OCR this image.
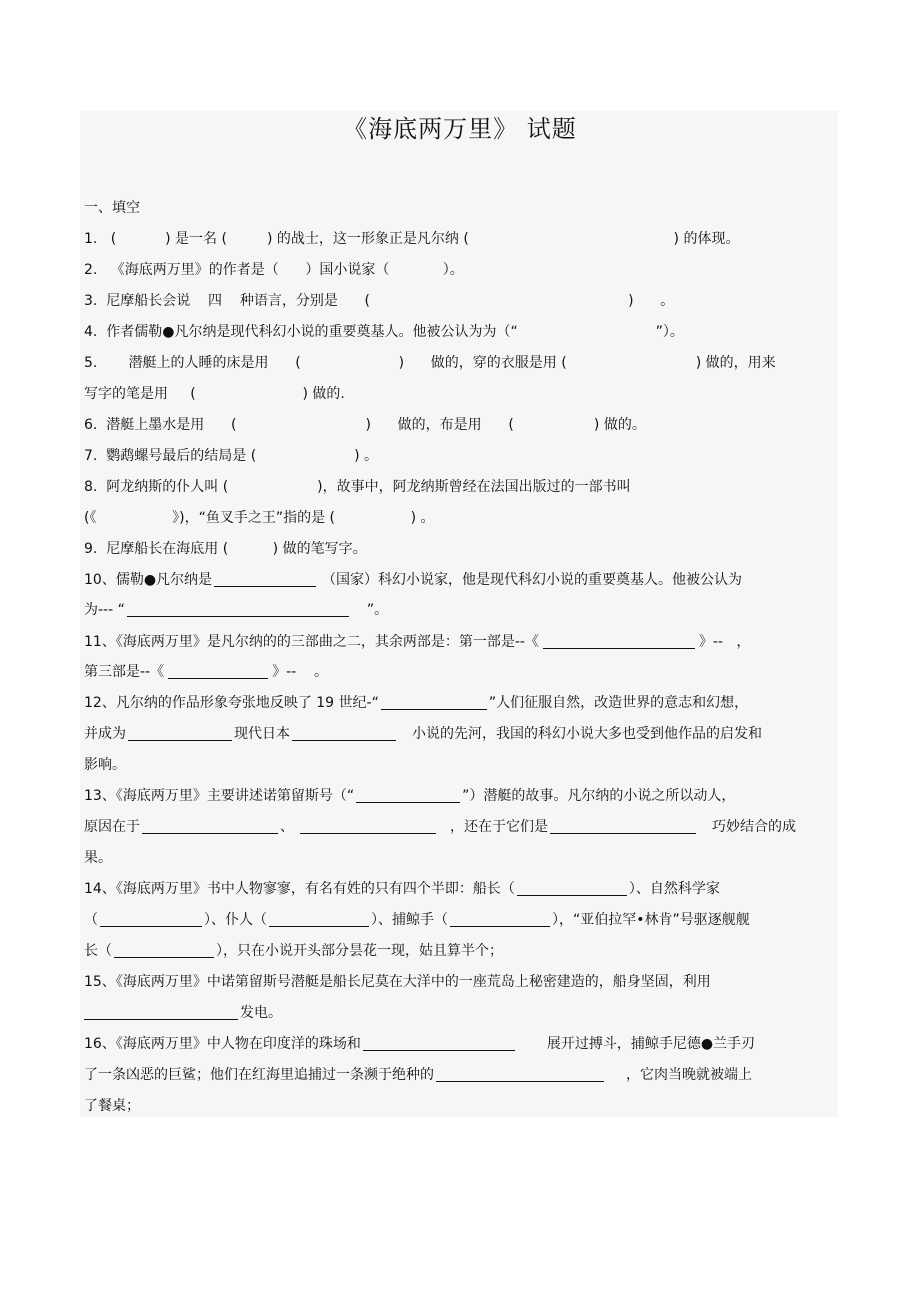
《海底两万里》 试题
一、填空
1.   (           ) 是一名 (         ) 的战士，这一形象正是凡尔纳 (                                              ) 的体现。
2.   《海底两万里》的作者是（      ）国小说家（            ）。
3.  尼摩船长会说    四    种语言，分别是      (                                                          )      。
4.  作者儒勒●凡尔纳是现代科幻小说的重要奠基人。他被公认为为（“                               ”）。
5.       潜艇上的人睡的床是用      (                      )      做的，穿的衣服是用 (                             ) 做的，用来
写字的笔是用     (                        ) 做的.
6.  潜艇上墨水是用      (                             )      做的，布是用      (                  ) 做的。
7.  鹦鹉螺号最后的结局是 (                      ) 。
8.  阿龙纳斯的仆人叫 (                    )，故事中，阿龙纳斯曾经在法国出版过的一部书叫
(《                 》)，“鱼叉手之王”指的是 (                 ) 。
9.  尼摩船长在海底用 (          ) 做的笔写字。
10、儒勒●凡尔纳是	（国家）科幻小说家，他是现代科幻小说的重要奠基人。他被公认为
为--- “	”。
11、《海底两万里》是凡尔纳的的三部曲之二，其余两部是：第一部是--《	》--   ，
第三部是--《	》--    。
12、凡尔纳的作品形象夸张地反映了 19 世纪-“	”人们征服自然，改造世界的意志和幻想，
并成为	现代日本	小说的先河，我国的科幻小说大多也受到他作品的启发和
影响。
13、《海底两万里》主要讲述诺第留斯号（“	”）潜艇的故事。凡尔纳的小说之所以动人，
原因在于	、	，还在于它们是	巧妙结合的成
果。
14、《海底两万里》书中人物寥寥，有名有姓的只有四个半即：船长（	）、自然科学家
（	）、仆人（	）、捕鲸手（	），“亚伯拉罕•林肯”号驱逐舰舰
长（	），只在小说开头部分昙花一现，姑且算半个；
15、《海底两万里》中诺第留斯号潜艇是船长尼莫在大洋中的一座荒岛上秘密建造的，船身坚固，利用
发电。
16、《海底两万里》中人物在印度洋的珠场和	展开过搏斗，捕鲸手尼德●兰手刃
了一条凶恶的巨鲨；他们在红海里追捕过一条濒于绝种的	，它肉当晚就被端上
了餐桌；
